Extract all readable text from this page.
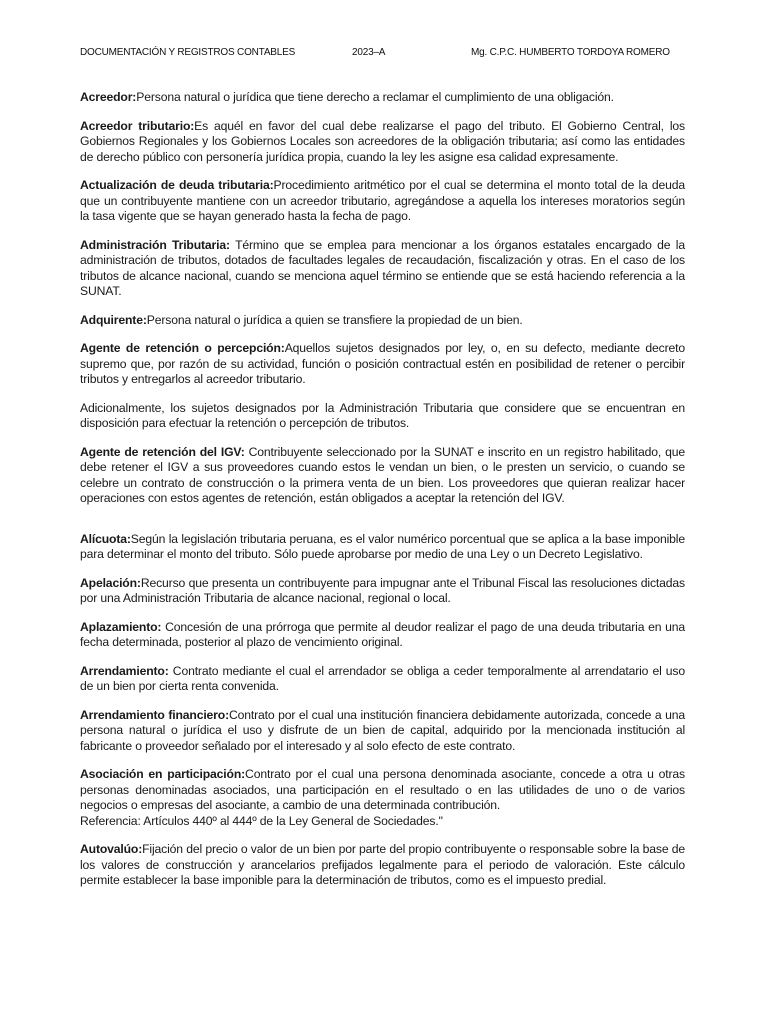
DOCUMENTACIÓN Y REGISTROS CONTABLES	2023–A	Mg. C.P.C. HUMBERTO TORDOYA ROMERO

Acreedor:Persona natural o jurídica que tiene derecho a reclamar el cumplimiento de una obligación.

Acreedor tributario:Es aquél en favor del cual debe realizarse el pago del tributo. El Gobierno Central, los Gobiernos Regionales y los Gobiernos Locales son acreedores de la obligación tributaria; así como las entidades de derecho público con personería jurídica propia, cuando la ley les asigne esa calidad expresamente.

Actualización de deuda tributaria:Procedimiento aritmético por el cual se determina el monto total de la deuda que un contribuyente mantiene con un acreedor tributario, agregándose a aquella los intereses moratorios según la tasa vigente que se hayan generado hasta la fecha de pago.

Administración Tributaria: Término que se emplea para mencionar a los órganos estatales encargado de la administración de tributos, dotados de facultades legales de recaudación, fiscalización y otras. En el caso de los tributos de alcance nacional, cuando se menciona aquel término se entiende que se está haciendo referencia a la SUNAT.

Adquirente:Persona natural o jurídica a quien se transfiere la propiedad de un bien.

Agente de retención o percepción:Aquellos sujetos designados por ley, o, en su defecto, mediante decreto supremo que, por razón de su actividad, función o posición contractual estén en posibilidad de retener o percibir tributos y entregarlos al acreedor tributario.

Adicionalmente, los sujetos designados por la Administración Tributaria que considere que se encuentran en disposición para efectuar la retención o percepción de tributos.

Agente de retención del IGV: Contribuyente seleccionado por la SUNAT e inscrito en un registro habilitado, que debe retener el IGV a sus proveedores cuando estos le vendan un bien, o le presten un servicio, o cuando se celebre un contrato de construcción o la primera venta de un bien. Los proveedores que quieran realizar hacer operaciones con estos agentes de retención, están obligados a aceptar la retención del IGV.

Alícuota:Según la legislación tributaria peruana, es el valor numérico porcentual que se aplica a la base imponible para determinar el monto del tributo. Sólo puede aprobarse por medio de una Ley o un Decreto Legislativo.

Apelación:Recurso que presenta un contribuyente para impugnar ante el Tribunal Fiscal las resoluciones dictadas por una Administración Tributaria de alcance nacional, regional o local.

Aplazamiento: Concesión de una prórroga que permite al deudor realizar el pago de una deuda tributaria en una fecha determinada, posterior al plazo de vencimiento original.

Arrendamiento: Contrato mediante el cual el arrendador se obliga a ceder temporalmente al arrendatario el uso de un bien por cierta renta convenida.

Arrendamiento financiero:Contrato por el cual una institución financiera debidamente autorizada, concede a una persona natural o jurídica el uso y disfrute de un bien de capital, adquirido por la mencionada institución al fabricante o proveedor señalado por el interesado y al solo efecto de este contrato.

Asociación en participación:Contrato por el cual una persona denominada asociante, concede a otra u otras personas denominadas asociados, una participación en el resultado o en las utilidades de uno o de varios negocios o empresas del asociante, a cambio de una determinada contribución.
Referencia: Artículos 440º al 444º de la Ley General de Sociedades."

Autovalúo:Fijación del precio o valor de un bien por parte del propio contribuyente o responsable sobre la base de los valores de construcción y arancelarios prefijados legalmente para el periodo de valoración. Este cálculo permite establecer la base imponible para la determinación de tributos, como es el impuesto predial.
